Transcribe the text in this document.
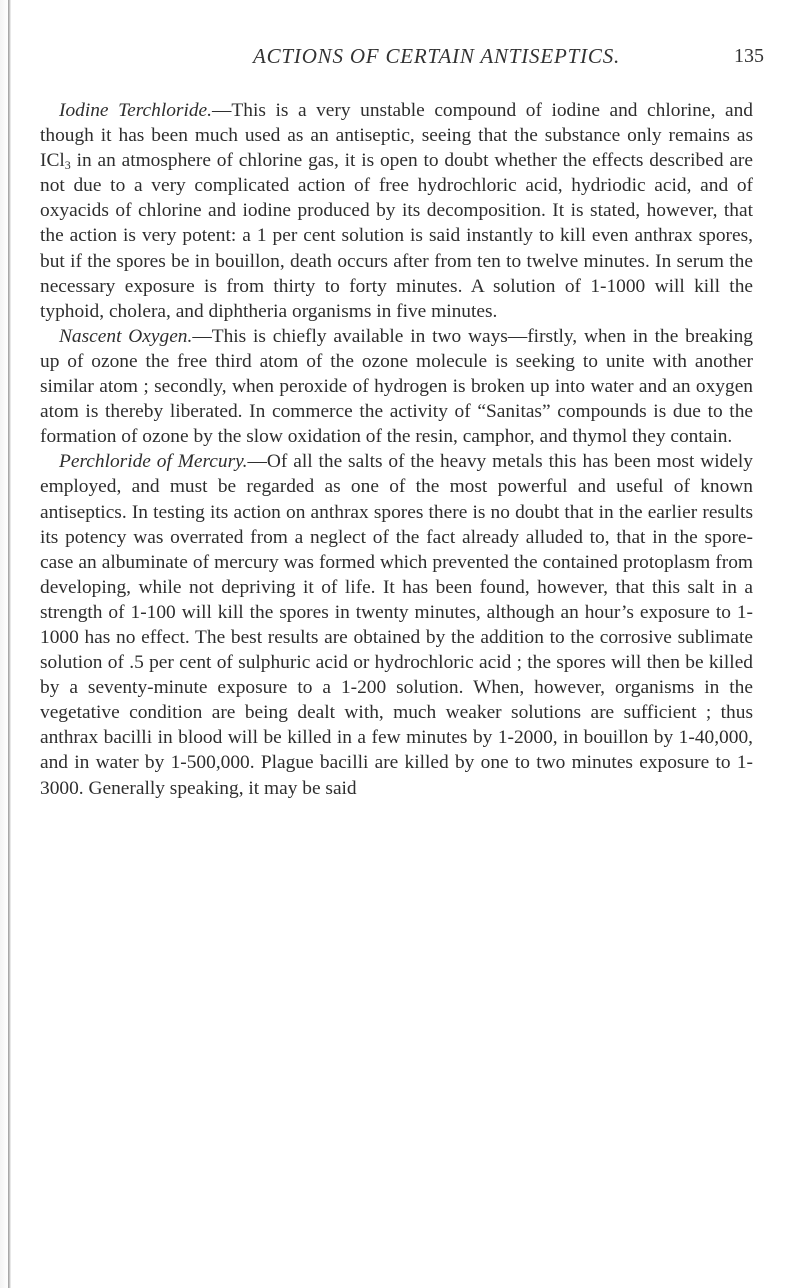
ACTIONS OF CERTAIN ANTISEPTICS.	135

Iodine Terchloride.—This is a very unstable compound of iodine and chlorine, and though it has been much used as an antiseptic, seeing that the substance only remains as ICl$_3$ in an atmosphere of chlorine gas, it is open to doubt whether the effects described are not due to a very complicated action of free hydrochloric acid, hydriodic acid, and of oxyacids of chlorine and iodine produced by its decomposition. It is stated, however, that the action is very potent: a 1 per cent solution is said instantly to kill even anthrax spores, but if the spores be in bouillon, death occurs after from ten to twelve minutes. In serum the necessary exposure is from thirty to forty minutes. A solution of 1-1000 will kill the typhoid, cholera, and diphtheria organisms in five minutes.

Nascent Oxygen.—This is chiefly available in two ways—firstly, when in the breaking up of ozone the free third atom of the ozone molecule is seeking to unite with another similar atom ; secondly, when peroxide of hydrogen is broken up into water and an oxygen atom is thereby liberated. In commerce the activity of “Sanitas” compounds is due to the formation of ozone by the slow oxidation of the resin, camphor, and thymol they contain.

Perchloride of Mercury.—Of all the salts of the heavy metals this has been most widely employed, and must be regarded as one of the most powerful and useful of known antiseptics. In testing its action on anthrax spores there is no doubt that in the earlier results its potency was overrated from a neglect of the fact already alluded to, that in the spore-case an albuminate of mercury was formed which prevented the contained protoplasm from developing, while not depriving it of life. It has been found, however, that this salt in a strength of 1-100 will kill the spores in twenty minutes, although an hour’s exposure to 1-1000 has no effect. The best results are obtained by the addition to the corrosive sublimate solution of .5 per cent of sulphuric acid or hydrochloric acid ; the spores will then be killed by a seventy-minute exposure to a 1-200 solution. When, however, organisms in the vegetative condition are being dealt with, much weaker solutions are sufficient ; thus anthrax bacilli in blood will be killed in a few minutes by 1-2000, in bouillon by 1-40,000, and in water by 1-500,000. Plague bacilli are killed by one to two minutes exposure to 1-3000. Generally speaking, it may be said
